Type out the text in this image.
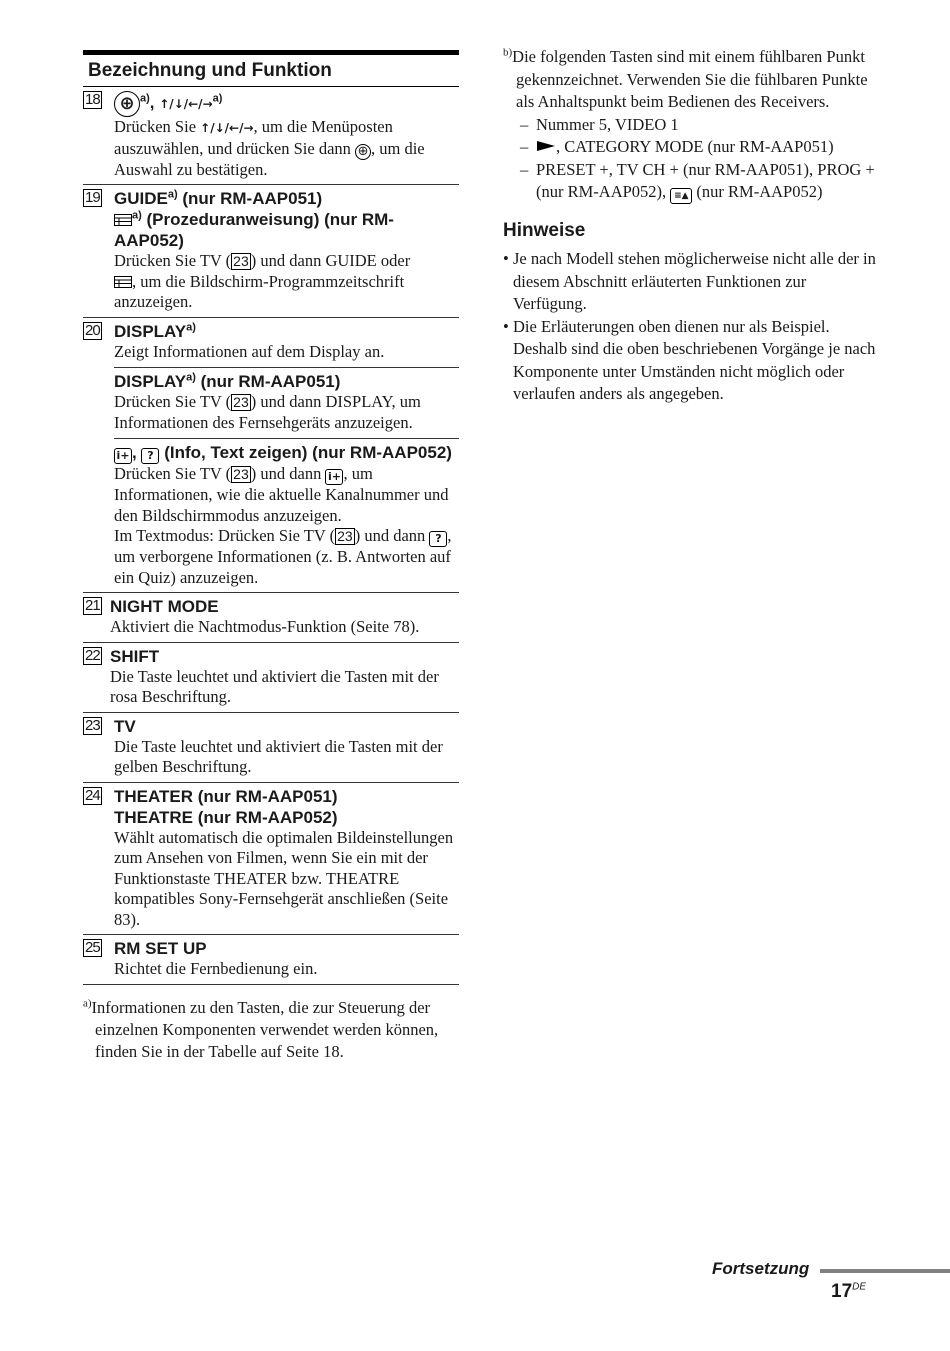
Bezeichnung und Funktion
18	⊕ $^{a)}$, ↑/↓/←/→$^{a)}$
Drücken Sie ↑/↓/←/→, um die Menüposten auszuwählen, und drücken Sie dann ⊕ , um die Auswahl zu bestätigen.
19 GUIDE$^{a)}$ (nur RM-AAP051)
$^{a)}$ (Prozeduranweisung) (nur RM-AAP052)
Drücken Sie TV ( 23 ) und dann GUIDE oder
, um die Bildschirm-Programmzeitschrift anzuzeigen.
20 DISPLAY$^{a)}$
Zeigt Informationen auf dem Display an.
DISPLAY$^{a)}$ (nur RM-AAP051)
Drücken Sie TV ( 23 ) und dann DISPLAY, um Informationen des Fernsehgeräts anzuzeigen.
i+ , ? (Info, Text zeigen) (nur RM-AAP052)
Drücken Sie TV ( 23 ) und dann i+ , um Informationen, wie die aktuelle Kanalnummer und den Bildschirmmodus anzuzeigen.
Im Textmodus: Drücken Sie TV ( 23 ) und dann ? , um verborgene Informationen (z. B. Antworten auf ein Quiz) anzuzeigen.
21 NIGHT MODE
Aktiviert die Nachtmodus-Funktion (Seite 78).
22 SHIFT
Die Taste leuchtet und aktiviert die Tasten mit der rosa Beschriftung.
23 TV
Die Taste leuchtet und aktiviert die Tasten mit der gelben Beschriftung.
24 THEATER (nur RM-AAP051)
THEATRE (nur RM-AAP052)
Wählt automatisch die optimalen Bildeinstellungen zum Ansehen von Filmen, wenn Sie ein mit der Funktionstaste THEATER bzw. THEATRE kompatibles Sony-Fernsehgerät anschließen (Seite 83).
25 RM SET UP
Richtet die Fernbedienung ein.
$^{a)}$Informationen zu den Tasten, die zur Steuerung der einzelnen Komponenten verwendet werden können, finden Sie in der Tabelle auf Seite 18.
$^{b)}$Die folgenden Tasten sind mit einem fühlbaren Punkt gekennzeichnet. Verwenden Sie die fühlbaren Punkte als Anhaltspunkt beim Bedienen des Receivers.
– Nummer 5, VIDEO 1
– , CATEGORY MODE (nur RM-AAP051)
– PRESET +, TV CH + (nur RM-AAP051), PROG + (nur RM-AAP052), ≡▲ (nur RM-AAP052)
Hinweise
• Je nach Modell stehen möglicherweise nicht alle der in diesem Abschnitt erläuterten Funktionen zur Verfügung.
• Die Erläuterungen oben dienen nur als Beispiel. Deshalb sind die oben beschriebenen Vorgänge je nach Komponente unter Umständen nicht möglich oder verlaufen anders als angegeben.
Fortsetzung
17DE
